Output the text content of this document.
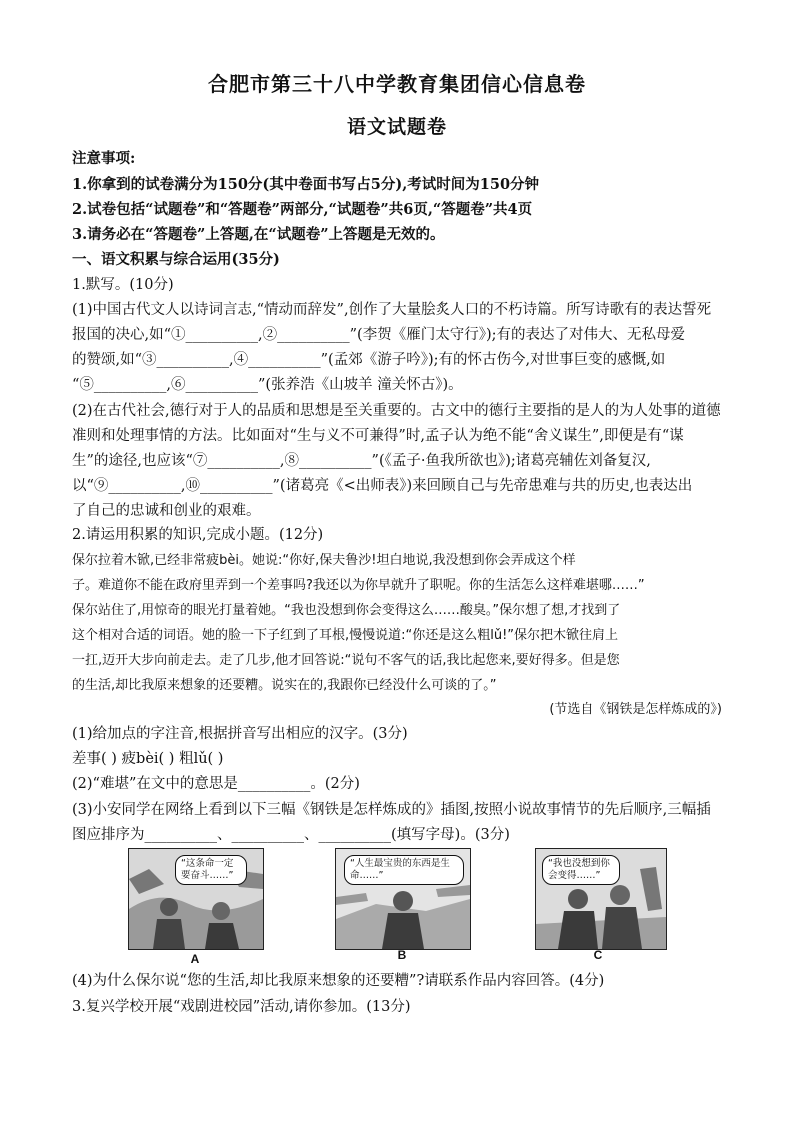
合肥市第三十八中学教育集团信心信息卷
语文试题卷
注意事项:
1.你拿到的试卷满分为150分(其中卷面书写占5分),考试时间为150分钟
2.试卷包括“试题卷”和“答题卷”两部分,“试题卷”共6页,“答题卷”共4页
3.请务必在“答题卷”上答题,在“试题卷”上答题是无效的。
一、语文积累与综合运用(35分)
1.默写。(10分)
(1)中国古代文人以诗词言志,“情动而辞发”,创作了大量脍炙人口的不朽诗篇。所写诗歌有的表达誓死
报国的决心,如“①__________,②__________”(李贺《雁门太守行》);有的表达了对伟大、无私母爱
的赞颂,如“③__________,④__________”(孟郊《游子吟》);有的怀古伤今,对世事巨变的感慨,如
“⑤__________,⑥__________”(张养浩《山坡羊 潼关怀古》)。
(2)在古代社会,德行对于人的品质和思想是至关重要的。古文中的德行主要指的是人的为人处事的道德
准则和处理事情的方法。比如面对“生与义不可兼得”时,孟子认为绝不能“舍义谋生”,即便是有“谋
生”的途径,也应该“⑦__________,⑧__________”(《孟子·鱼我所欲也》);诸葛亮辅佐刘备复汉,
以“⑨__________,⑩__________”(诸葛亮《<出师表》)来回顾自己与先帝患难与共的历史,也表达出
了自己的忠诚和创业的艰难。
2.请运用积累的知识,完成小题。(12分)
保尔拉着木锨,已经非常疲bèi。她说:“你好,保夫鲁沙!坦白地说,我没想到你会弄成这个样
子。难道你不能在政府里弄到一个差事吗?我还以为你早就升了职呢。你的生活怎么这样难堪哪……”
保尔站住了,用惊奇的眼光打量着她。“我也没想到你会变得这么……酸臭。”保尔想了想,才找到了
这个相对合适的词语。她的脸一下子红到了耳根,慢慢说道:“你还是这么粗lǔ!”保尔把木锨往肩上
一扛,迈开大步向前走去。走了几步,他才回答说:“说句不客气的话,我比起您来,要好得多。但是您
的生活,却比我原来想象的还要糟。说实在的,我跟你已经没什么可谈的了。”
(节选自《钢铁是怎样炼成的》)
(1)给加点的字注音,根据拼音写出相应的汉字。(3分)
差事( ) 疲bèi( ) 粗lǔ( )
(2)“难堪”在文中的意思是__________。(2分)
(3)小安同学在网络上看到以下三幅《钢铁是怎样炼成的》插图,按照小说故事情节的先后顺序,三幅插
图应排序为__________、__________、__________(填写字母)。(3分)
“这条命一定要奋斗……”
A
“人生最宝贵的东西是生命……”
B
“我也没想到你会变得……”
C
(4)为什么保尔说“您的生活,却比我原来想象的还要糟”?请联系作品内容回答。(4分)
3.复兴学校开展“戏剧进校园”活动,请你参加。(13分)
